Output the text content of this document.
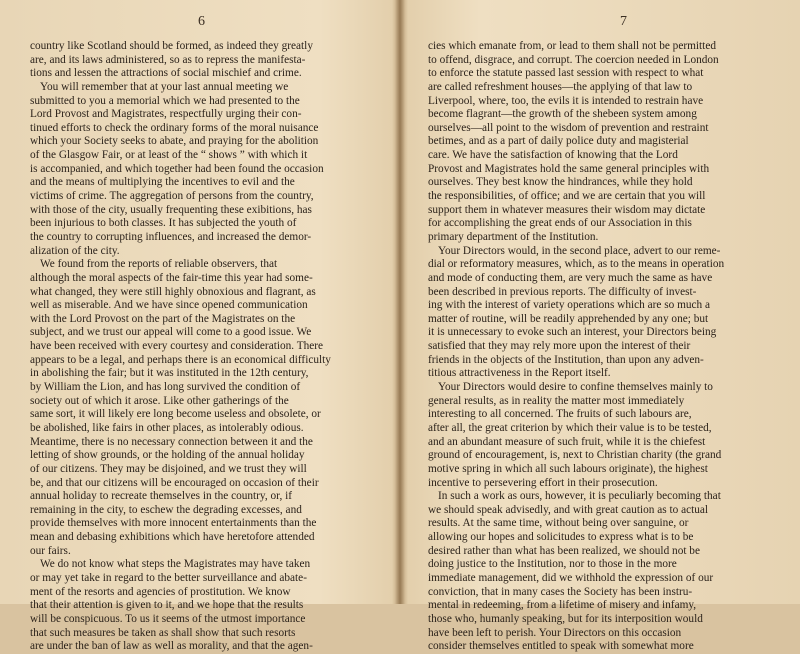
6
country like Scotland should be formed, as indeed they greatly
are, and its laws administered, so as to repress the manifesta-
tions and lessen the attractions of social mischief and crime.
You will remember that at your last annual meeting we
submitted to you a memorial which we had presented to the
Lord Provost and Magistrates, respectfully urging their con-
tinued efforts to check the ordinary forms of the moral nuisance
which your Society seeks to abate, and praying for the abolition
of the Glasgow Fair, or at least of the “ shows ” with which it
is accompanied, and which together had been found the occasion
and the means of multiplying the incentives to evil and the
victims of crime. The aggregation of persons from the country,
with those of the city, usually frequenting these exibitions, has
been injurious to both classes. It has subjected the youth of
the country to corrupting influences, and increased the demor-
alization of the city.
We found from the reports of reliable observers, that
although the moral aspects of the fair-time this year had some-
what changed, they were still highly obnoxious and flagrant, as
well as miserable. And we have since opened communication
with the Lord Provost on the part of the Magistrates on the
subject, and we trust our appeal will come to a good issue. We
have been received with every courtesy and consideration. There
appears to be a legal, and perhaps there is an economical difficulty
in abolishing the fair; but it was instituted in the 12th century,
by William the Lion, and has long survived the condition of
society out of which it arose. Like other gatherings of the
same sort, it will likely ere long become useless and obsolete, or
be abolished, like fairs in other places, as intolerably odious.
Meantime, there is no necessary connection between it and the
letting of show grounds, or the holding of the annual holiday
of our citizens. They may be disjoined, and we trust they will
be, and that our citizens will be encouraged on occasion of their
annual holiday to recreate themselves in the country, or, if
remaining in the city, to eschew the degrading excesses, and
provide themselves with more innocent entertainments than the
mean and debasing exhibitions which have heretofore attended
our fairs.
We do not know what steps the Magistrates may have taken
or may yet take in regard to the better surveillance and abate-
ment of the resorts and agencies of prostitution. We know
that their attention is given to it, and we hope that the results
will be conspicuous. To us it seems of the utmost importance
that such measures be taken as shall show that such resorts
are under the ban of law as well as morality, and that the agen-
7
cies which emanate from, or lead to them shall not be permitted
to offend, disgrace, and corrupt. The coercion needed in London
to enforce the statute passed last session with respect to what
are called refreshment houses—the applying of that law to
Liverpool, where, too, the evils it is intended to restrain have
become flagrant—the growth of the shebeen system among
ourselves—all point to the wisdom of prevention and restraint
betimes, and as a part of daily police duty and magisterial
care. We have the satisfaction of knowing that the Lord
Provost and Magistrates hold the same general principles with
ourselves. They best know the hindrances, while they hold
the responsibilities, of office; and we are certain that you will
support them in whatever measures their wisdom may dictate
for accomplishing the great ends of our Association in this
primary department of the Institution.
Your Directors would, in the second place, advert to our reme-
dial or reformatory measures, which, as to the means in operation
and mode of conducting them, are very much the same as have
been described in previous reports. The difficulty of invest-
ing with the interest of variety operations which are so much a
matter of routine, will be readily apprehended by any one; but
it is unnecessary to evoke such an interest, your Directors being
satisfied that they may rely more upon the interest of their
friends in the objects of the Institution, than upon any adven-
titious attractiveness in the Report itself.
Your Directors would desire to confine themselves mainly to
general results, as in reality the matter most immediately
interesting to all concerned. The fruits of such labours are,
after all, the great criterion by which their value is to be tested,
and an abundant measure of such fruit, while it is the chiefest
ground of encouragement, is, next to Christian charity (the grand
motive spring in which all such labours originate), the highest
incentive to persevering effort in their prosecution.
In such a work as ours, however, it is peculiarly becoming that
we should speak advisedly, and with great caution as to actual
results. At the same time, without being over sanguine, or
allowing our hopes and solicitudes to express what is to be
desired rather than what has been realized, we should not be
doing justice to the Institution, nor to those in the more
immediate management, did we withhold the expression of our
conviction, that in many cases the Society has been instru-
mental in redeeming, from a lifetime of misery and infamy,
those who, humanly speaking, but for its interposition would
have been left to perish. Your Directors on this occasion
consider themselves entitled to speak with somewhat more
